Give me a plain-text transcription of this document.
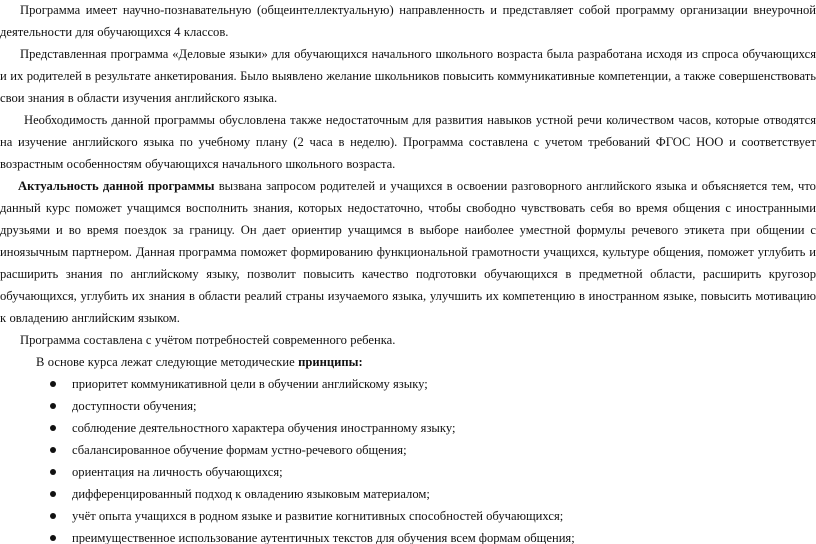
Программа имеет научно-познавательную (общеинтеллектуальную) направленность и представляет собой программу организации внеурочной деятельности для обучающихся 4 классов.

Представленная программа «Деловые языки» для обучающихся начального школьного возраста была разработана исходя из спроса обучающихся и их родителей в результате анкетирования. Было выявлено желание школьников повысить коммуникативные компетенции, а также совершенствовать свои знания в области изучения английского языка.

Необходимость данной программы обусловлена также недостаточным для развития навыков устной речи количеством часов, которые отводятся на изучение английского языка по учебному плану (2 часа в неделю). Программа составлена с учетом требований ФГОС НОО и соответствует возрастным особенностям обучающихся начального школьного возраста.

Актуальность данной программы вызвана запросом родителей и учащихся в освоении разговорного английского языка и объясняется тем, что данный курс поможет учащимся восполнить знания, которых недостаточно, чтобы свободно чувствовать себя во время общения с иностранными друзьями и во время поездок за границу. Он дает ориентир учащимся в выборе наиболее уместной формулы речевого этикета при общении с иноязычным партнером. Данная программа поможет формированию функциональной грамотности учащихся, культуре общения, поможет углубить и расширить знания по английскому языку, позволит повысить качество подготовки обучающихся в предметной области, расширить кругозор обучающихся, углубить их знания в области реалий страны изучаемого языка, улучшить их компетенцию в иностранном языке, повысить мотивацию к овладению английским языком.

Программа составлена с учётом потребностей современного ребенка.

В основе курса лежат следующие методические принципы:

приоритет коммуникативной цели в обучении английскому языку;
доступности обучения;
соблюдение деятельностного характера обучения иностранному языку;
сбалансированное обучение формам устно-речевого общения;
ориентация на личность обучающихся;
дифференцированный подход к овладению языковым материалом;
учёт опыта учащихся в родном языке и развитие когнитивных способностей обучающихся;
преимущественное использование аутентичных текстов для обучения всем формам общения;
